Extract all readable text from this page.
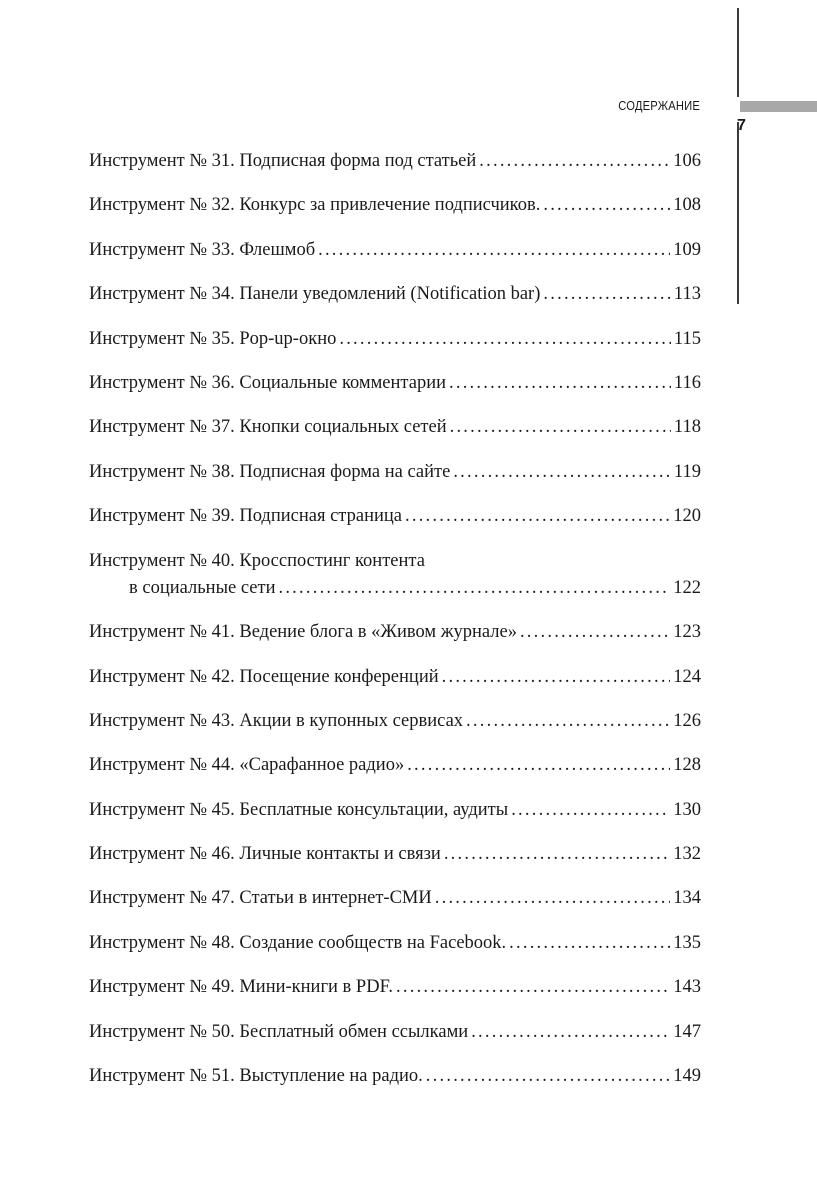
7
СОДЕРЖАНИЕ
Инструмент № 31. Подписная форма под статьей . . .	106
Инструмент № 32. Конкурс за привлечение подписчиков. . . .	108
Инструмент № 33. Флешмоб . . .	109
Инструмент № 34. Панели уведомлений (Notification bar) . . .	113
Инструмент № 35. Pop-up-окно . . .	115
Инструмент № 36. Социальные комментарии . . .	116
Инструмент № 37. Кнопки социальных сетей . . .	118
Инструмент № 38. Подписная форма на сайте . . .	119
Инструмент № 39. Подписная страница . . .	120
Инструмент № 40. Кросспостинг контента
в социальные сети . . .	122
Инструмент № 41. Ведение блога в «Живом журнале» . . .	123
Инструмент № 42. Посещение конференций . . .	124
Инструмент № 43. Акции в купонных сервисах . . .	126
Инструмент № 44. «Сарафанное радио» . . .	128
Инструмент № 45. Бесплатные консультации, аудиты . . .	130
Инструмент № 46. Личные контакты и связи . . .	132
Инструмент № 47. Статьи в интернет-СМИ . . .	134
Инструмент № 48. Создание сообществ на Facebook. . . .	135
Инструмент № 49. Мини-книги в PDF. . . .	143
Инструмент № 50. Бесплатный обмен ссылками . . .	147
Инструмент № 51. Выступление на радио. . . .	149
